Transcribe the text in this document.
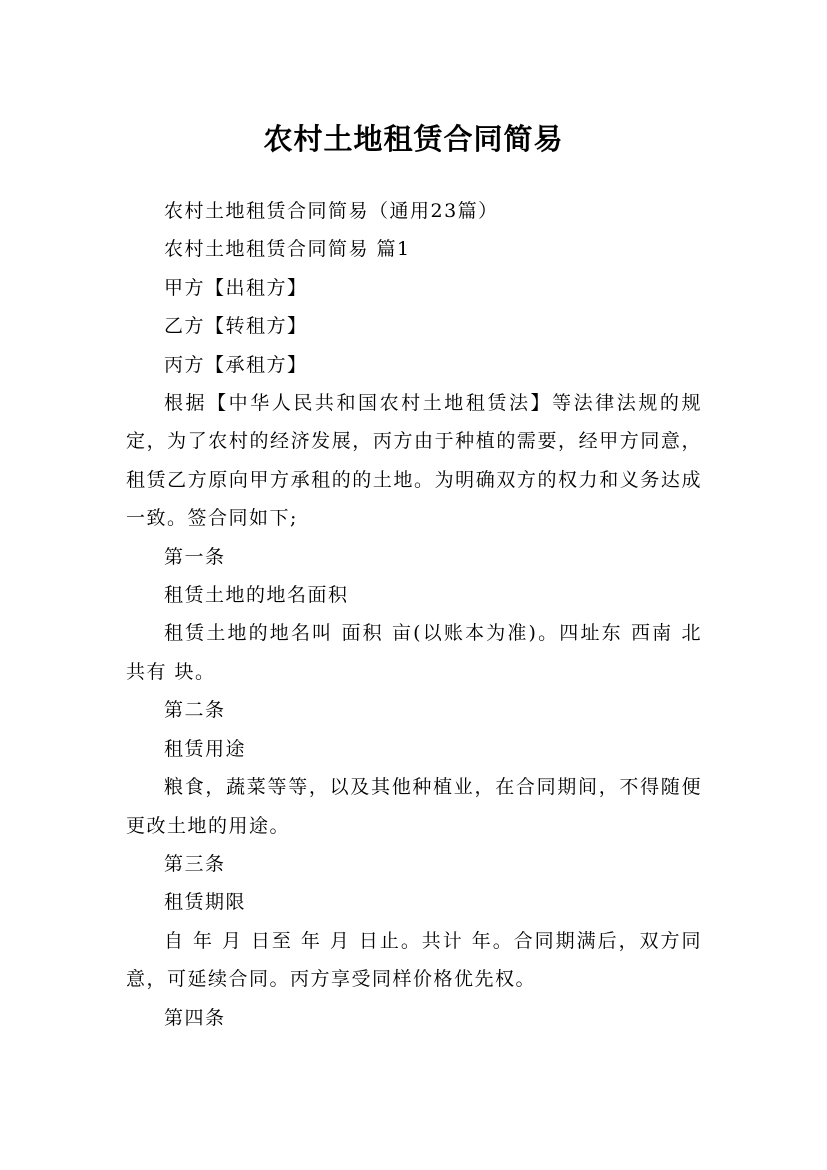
农村土地租赁合同简易

农村土地租赁合同简易（通用23篇）

农村土地租赁合同简易 篇1

甲方【出租方】

乙方【转租方】

丙方【承租方】

根据【中华人民共和国农村土地租赁法】等法律法规的规定，为了农村的经济发展，丙方由于种植的需要，经甲方同意，租赁乙方原向甲方承租的的土地。为明确双方的权力和义务达成一致。签合同如下;

第一条

租赁土地的地名面积

租赁土地的地名叫 面积 亩(以账本为准)。四址东 西南 北 共有 块。

第二条

租赁用途

粮食，蔬菜等等，以及其他种植业，在合同期间，不得随便更改土地的用途。

第三条

租赁期限

自 年 月 日至 年 月 日止。共计 年。合同期满后，双方同意，可延续合同。丙方享受同样价格优先权。

第四条
